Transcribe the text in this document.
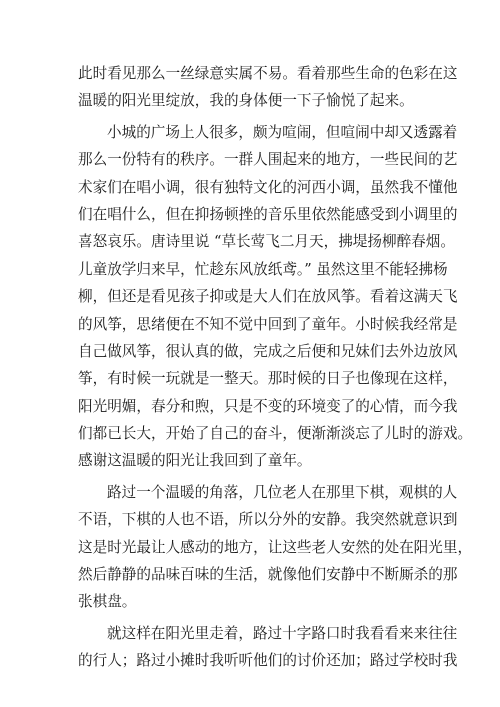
此时看见那么一丝绿意实属不易。看着那些生命的色彩在这
温暖的阳光里绽放，我的身体便一下子愉悦了起来。
小城的广场上人很多，颇为喧闹，但喧闹中却又透露着
那么一份特有的秩序。一群人围起来的地方，一些民间的艺
术家们在唱小调，很有独特文化的河西小调，虽然我不懂他
们在唱什么，但在抑扬顿挫的音乐里依然能感受到小调里的
喜怒哀乐。唐诗里说 “草长莺飞二月天，拂堤扬柳醉春烟。
儿童放学归来早，忙趁东风放纸鸢。” 虽然这里不能轻拂杨
柳，但还是看见孩子抑或是大人们在放风筝。看着这满天飞
的风筝，思绪便在不知不觉中回到了童年。小时候我经常是
自己做风筝，很认真的做，完成之后便和兄妹们去外边放风
筝，有时候一玩就是一整天。那时候的日子也像现在这样，
阳光明媚，春分和煦，只是不变的环境变了的心情，而今我
们都已长大，开始了自己的奋斗，便渐渐淡忘了儿时的游戏。
感谢这温暖的阳光让我回到了童年。
路过一个温暖的角落，几位老人在那里下棋，观棋的人
不语，下棋的人也不语，所以分外的安静。我突然就意识到
这是时光最让人感动的地方，让这些老人安然的处在阳光里，
然后静静的品味百味的生活，就像他们安静中不断厮杀的那
张棋盘。
就这样在阳光里走着，路过十字路口时我看看来来往往
的行人；路过小摊时我听听他们的讨价还加；路过学校时我
